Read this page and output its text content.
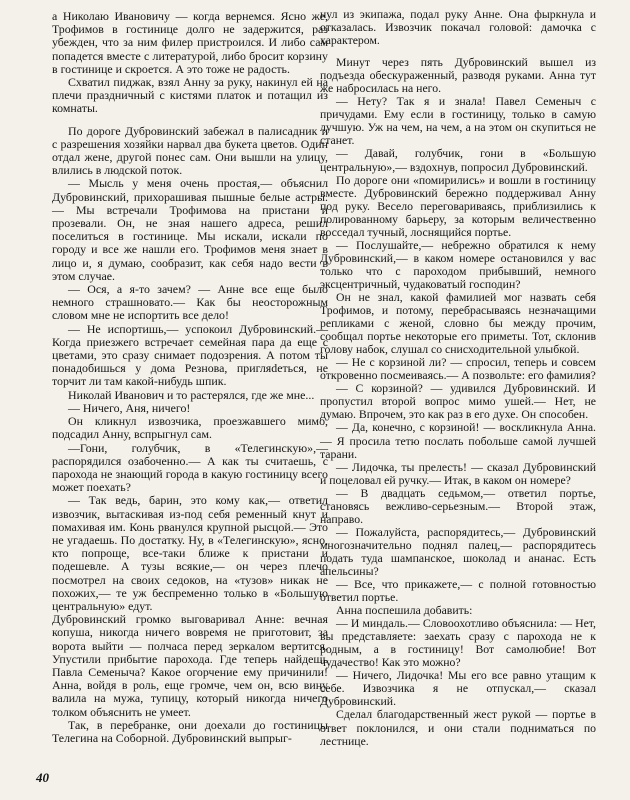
а Николаю Ивановичу — когда вернемся. Ясно же, Трофимов в гостинице долго не задержится, раз убежден, что за ним филер пристроился. И либо сам попадется вместе с литературой, либо бросит корзину в гостинице и скроется. А это тоже не радость.

Схватил пиджак, взял Анну за руку, накинул ей на плечи праздничный с кистями платок и потащил из комнаты.

По дороге Дубровинский забежал в палисадник и с разрешения хозяйки нарвал два букета цветов. Один отдал жене, другой понес сам. Они вышли на улицу, влились в людской поток.

— Мысль у меня очень простая,— объяснил Дубровинский, прихорашивая пышные белые астры.— Мы встречали Трофимова на пристани и прозевали. Он, не зная нашего адреса, решил поселиться в гостинице. Мы искали, искали по городу и все же нашли его. Трофимов меня знает в лицо и, я думаю, сообразит, как себя надо вести в этом случае.

— Ося, а я-то зачем? — Анне все еще было немного страшновато.— Как бы неосторожным словом мне не испортить все дело!

— Не испортишь,— успокоил Дубровинский.— Когда приезжего встречает семейная пара да еще с цветами, это сразу снимает подозрения. А потом ты понадобишься у дома Резнова, пригляdeться, не торчит ли там какой-нибудь шпик.

Николай Иванович и то растерялся, где же мне...

— Ничего, Аня, ничего!

Он кликнул извозчика, проезжавшего мимо, подсадил Анну, вспрыгнул сам.

—Гони, голубчик, в «Телегинскую»,— распорядился озабоченно.— А как ты считаешь, с парохода не знающий города в какую гостиницу всего может поехать?

— Так ведь, барин, это кому как,— ответил извозчик, вытаскивая из-под себя ременный кнут и помахивая им. Конь рванулся крупной рысцой.— Это не угадаешь. По достатку. Ну, в «Телегинскую», ясно, кто попроще, все-таки ближе к пристани и подешевле. А тузы всякие,— он через плечо посмотрел на своих седоков, на «тузов» никак не похожих,— те уж беспременно только в «Большую центральную» едут.

Дубровинский громко выговаривал Анне: вечная копуша, никогда ничего вовремя не приготовит, за ворота выйти — полчаса перед зеркалом вертится. Упустили прибытие парохода. Где теперь найдешь Павла Семеныча? Какое огорчение ему причинили! Анна, войдя в роль, еще громче, чем он, всю вину валила на мужа, тупицу, который никогда ничего толком объяснить не умеет.

Так, в перебранке, они доехали до гостиницы Телегина на Соборной. Дубровинский выпрыг-

нул из экипажа, подал руку Анне. Она фыркнула и отказалась. Извозчик покачал головой: дамочка с характером.

Минут через пять Дубровинский вышел из подъезда обескураженный, разводя руками. Анна тут же набросилась на него.

— Нету? Так я и знала! Павел Семеныч с причудами. Ему если в гостиницу, только в самую лучшую. Уж на чем, на чем, а на этом он скупиться не станет.

— Давай, голубчик, гони в «Большую центральную»,— вздохнув, попросил Дубровинский.

По дороге они «помирились» и вошли в гостиницу вместе. Дубровинский бережно поддерживал Анну под руку. Весело переговариваясь, приблизились к полированному барьеру, за которым величественно восседал тучный, лоснящийся портье.

— Послушайте,— небрежно обратился к нему Дубровинский,— в каком номере остановился у вас только что с пароходом прибывший, немного эксцентричный, чудаковатый господин?

Он не знал, какой фамилией мог назвать себя Трофимов, и потому, перебрасываясь незначащими репликами с женой, словно бы между прочим, сообщал портье некоторые его приметы. Тот, склонив голову набок, слушал со снисходительной улыбкой.

— Не с корзиной ли? — спросил, теперь и совсем откровенно посмеиваясь.— А позвольте: его фамилия?

— С корзиной? — удивился Дубровинский. И пропустил второй вопрос мимо ушей.— Нет, не думаю. Впрочем, это как раз в его духе. Он способен.

— Да, конечно, с корзиной! — воскликнула Анна.— Я просила тетю послать побольше самой лучшей тарани.

— Лидочка, ты прелесть! — сказал Дубровинский и поцеловал ей ручку.— Итак, в каком он номере?

— В двадцать седьмом,— ответил портье, становясь вежливо-серьезным.— Второй этаж, направо.

— Пожалуйста, распорядитесь,— Дубровинский многозначительно поднял палец,— распорядитесь подать туда шампанское, шоколад и ананас. Есть апельсины?

— Все, что прикажете,— с полной готовностью ответил портье.

Анна поспешила добавить:

— И миндаль.— Словоохотливо объяснила: — Нет, вы представляете: заехать сразу с парохода не к родным, а в гостиницу! Вот самолюбие! Вот чудачество! Как это можно?

— Ничего, Лидочка! Мы его все равно утащим к себе. Извозчика я не отпускал,— сказал Дубровинский.

Сделал благодарственный жест рукой — портье в ответ поклонился, и они стали подниматься по лестнице.

40
